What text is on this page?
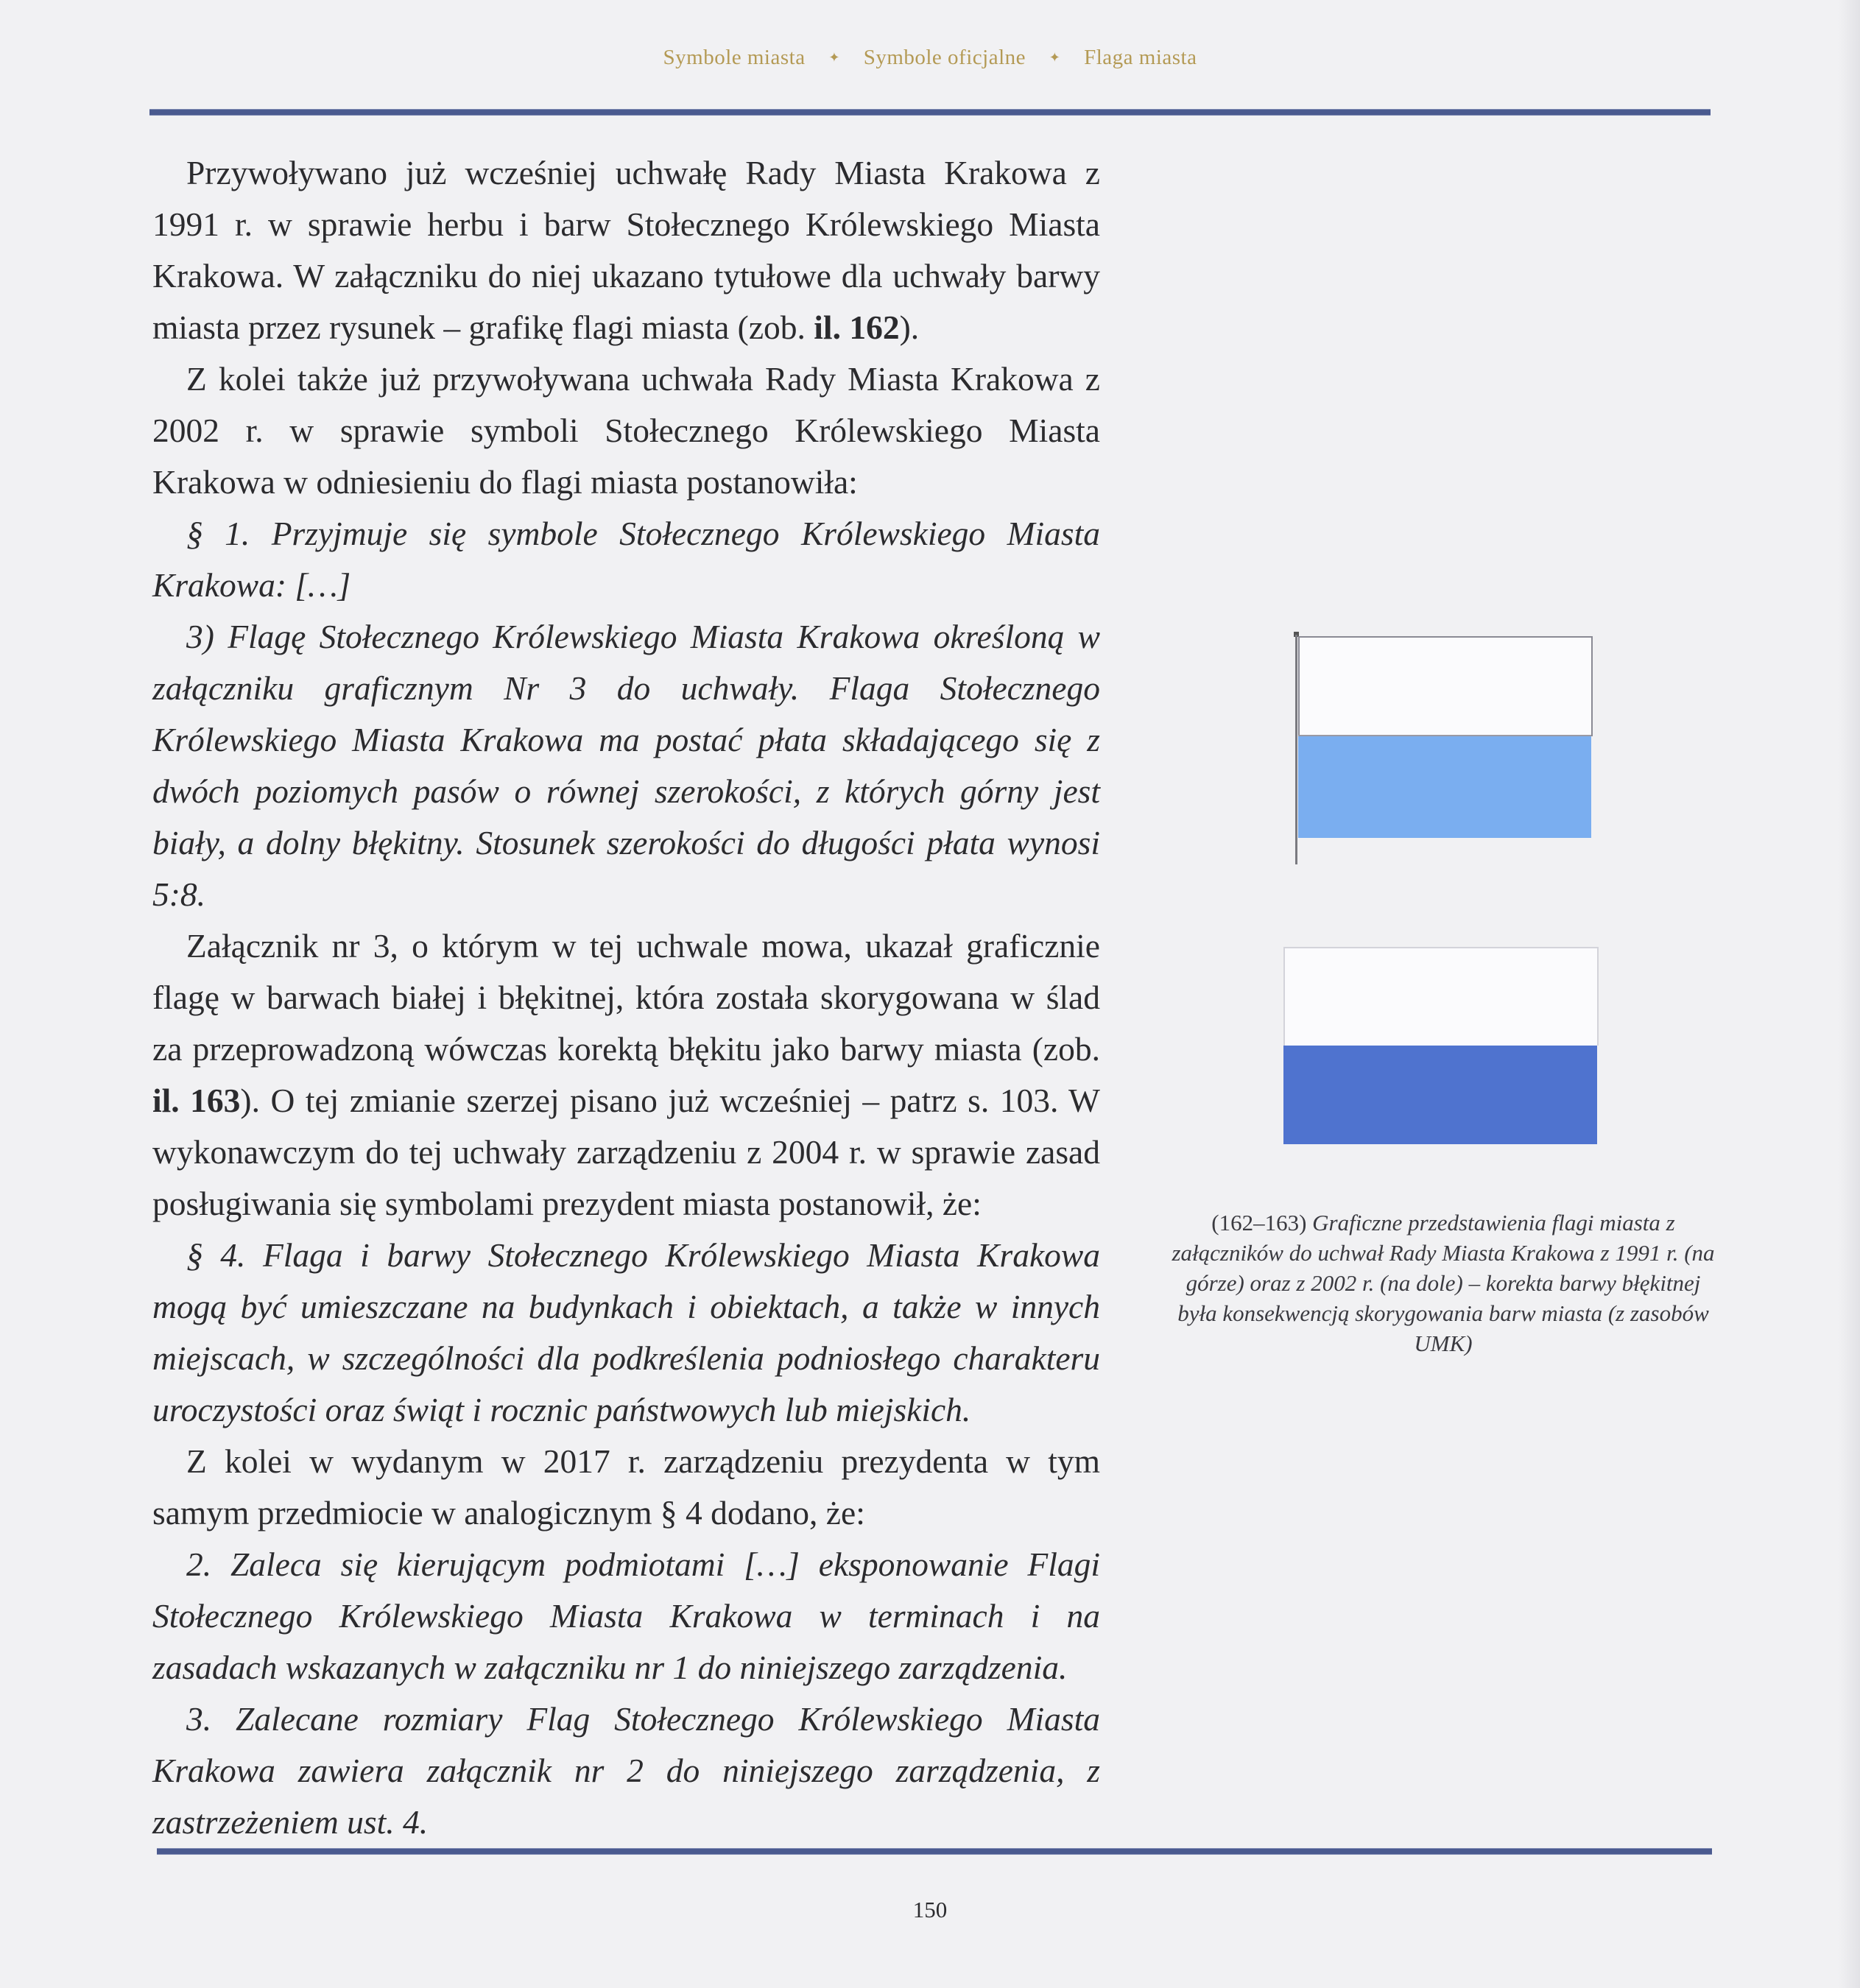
Symbole miasta ✦ Symbole oficjalne ✦ Flaga miasta

Przywoływano już wcześniej uchwałę Rady Miasta Krakowa z 1991 r. w sprawie herbu i barw Stołecznego Królewskiego Miasta Krakowa. W załączniku do niej ukazano tytułowe dla uchwały barwy miasta przez rysunek – grafikę flagi miasta (zob. il. 162).

Z kolei także już przywoływana uchwała Rady Miasta Krakowa z 2002 r. w sprawie symboli Stołecznego Królewskiego Miasta Krakowa w odniesieniu do flagi miasta postanowiła:

§ 1. Przyjmuje się symbole Stołecznego Królewskiego Miasta Krakowa: […]

3) Flagę Stołecznego Królewskiego Miasta Krakowa określoną w załączniku graficznym Nr 3 do uchwały. Flaga Stołecznego Królewskiego Miasta Krakowa ma postać płata składającego się z dwóch poziomych pasów o równej szerokości, z których górny jest biały, a dolny błękitny. Stosunek szerokości do długości płata wynosi 5:8.

Załącznik nr 3, o którym w tej uchwale mowa, ukazał graficznie flagę w barwach białej i błękitnej, która została skorygowana w ślad za przeprowadzoną wówczas korektą błękitu jako barwy miasta (zob. il. 163). O tej zmianie szerzej pisano już wcześniej – patrz s. 103. W wykonawczym do tej uchwały zarządzeniu z 2004 r. w sprawie zasad posługiwania się symbolami prezydent miasta postanowił, że:

§ 4. Flaga i barwy Stołecznego Królewskiego Miasta Krakowa mogą być umieszczane na budynkach i obiektach, a także w innych miejscach, w szczególności dla podkreślenia podniosłego charakteru uroczystości oraz świąt i rocznic państwowych lub miejskich.

Z kolei w wydanym w 2017 r. zarządzeniu prezydenta w tym samym przedmiocie w analogicznym § 4 dodano, że:

2. Zaleca się kierującym podmiotami […] eksponowanie Flagi Stołecznego Królewskiego Miasta Krakowa w terminach i na zasadach wskazanych w załączniku nr 1 do niniejszego zarządzenia.

3. Zalecane rozmiary Flag Stołecznego Królewskiego Miasta Krakowa zawiera załącznik nr 2 do niniejszego zarządzenia, z zastrzeżeniem ust. 4.

(162–163) Graficzne przedstawienia flagi miasta z załączników do uchwał Rady Miasta Krakowa z 1991 r. (na górze) oraz z 2002 r. (na dole) – korekta barwy błękitnej była konsekwencją skorygowania barw miasta (z zasobów UMK)
150
